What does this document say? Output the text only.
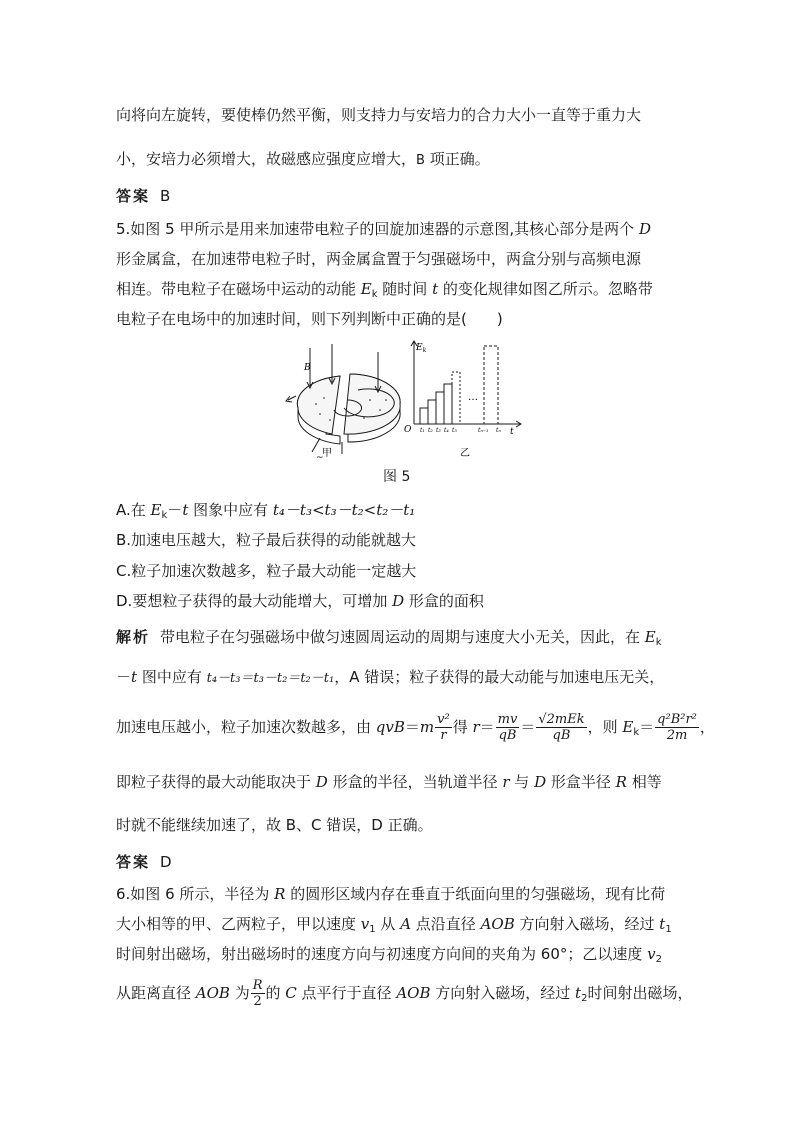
向将向左旋转，要使棒仍然平衡，则支持力与安培力的合力大小一直等于重力大
小，安培力必须增大，故磁感应强度应增大，B 项正确。
答案 B
5.如图 5 甲所示是用来加速带电粒子的回旋加速器的示意图,其核心部分是两个 D
形金属盒，在加速带电粒子时，两金属盒置于匀强磁场中，两盒分别与高频电源
相连。带电粒子在磁场中运动的动能 $E_k$ 随时间 t 的变化规律如图乙所示。忽略带
电粒子在电场中的加速时间，则下列判断中正确的是(　　)
B
~
$E_k$
O	t
…
t₁ t₂ t₃ t₄ t₅	tₙ₋₁ tₙ
甲	乙
图 5
A.在 $E_k-t$ 图象中应有 t₄－t₃<t₃－t₂<t₂－t₁
B.加速电压越大，粒子最后获得的动能就越大
C.粒子加速次数越多，粒子最大动能一定越大
D.要想粒子获得的最大动能增大，可增加 D 形盒的面积
解析 带电粒子在匀强磁场中做匀速圆周运动的周期与速度大小无关，因此，在 $E_k$
－t 图中应有 t₄－t₃＝t₃－t₂＝t₂－t₁，A 错误；粒子获得的最大动能与加速电压无关，
加速电压越小，粒子加速次数越多，由 $qvB=m \frac{\text{v²}}{r}$ 得 $r= \frac{mv}{qB} = \frac{\text{√2mEk}}{qB}$ ，则 $E_k= \frac{\text{q²B²r²}}{2m}$ ，
即粒子获得的最大动能取决于 D 形盒的半径，当轨道半径 r 与 D 形盒半径 R 相等
时就不能继续加速了，故 B、C 错误，D 正确。
答案 D
6.如图 6 所示，半径为 R 的圆形区域内存在垂直于纸面向里的匀强磁场，现有比荷
大小相等的甲、乙两粒子，甲以速度 $v_1$ 从 A 点沿直径 AOB 方向射入磁场，经过 $t_1$
时间射出磁场，射出磁场时的速度方向与初速度方向间的夹角为 60°；乙以速度 $v_2$
从距离直径 AOB 为 $\frac{R}{2}$ 的 C 点平行于直径 AOB 方向射入磁场，经过 $t_2$时间射出磁场，
